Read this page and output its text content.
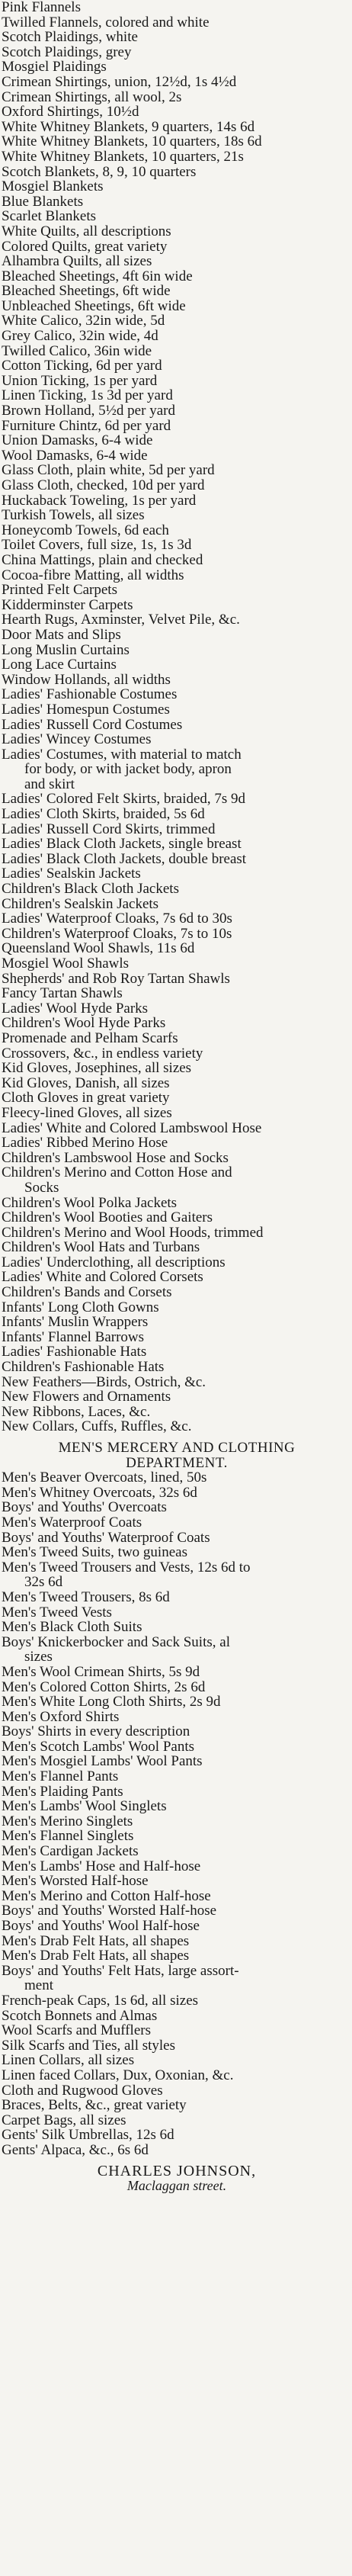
Pink Flannels
Twilled Flannels, colored and white
Scotch Plaidings, white
Scotch Plaidings, grey
Mosgiel Plaidings
Crimean Shirtings, union, 12½d, 1s 4½d
Crimean Shirtings, all wool, 2s
Oxford Shirtings, 10½d
White Whitney Blankets, 9 quarters, 14s 6d
White Whitney Blankets, 10 quarters, 18s 6d
White Whitney Blankets, 10 quarters, 21s
Scotch Blankets, 8, 9, 10 quarters
Mosgiel Blankets
Blue Blankets
Scarlet Blankets
White Quilts, all descriptions
Colored Quilts, great variety
Alhambra Quilts, all sizes
Bleached Sheetings, 4ft 6in wide
Bleached Sheetings, 6ft wide
Unbleached Sheetings, 6ft wide
White Calico, 32in wide, 5d
Grey Calico, 32in wide, 4d
Twilled Calico, 36in wide
Cotton Ticking, 6d per yard
Union Ticking, 1s per yard
Linen Ticking, 1s 3d per yard
Brown Holland, 5½d per yard
Furniture Chintz, 6d per yard
Union Damasks, 6-4 wide
Wool Damasks, 6-4 wide
Glass Cloth, plain white, 5d per yard
Glass Cloth, checked, 10d per yard
Huckaback Toweling, 1s per yard
Turkish Towels, all sizes
Honeycomb Towels, 6d each
Toilet Covers, full size, 1s, 1s 3d
China Mattings, plain and checked
Cocoa-fibre Matting, all widths
Printed Felt Carpets
Kidderminster Carpets
Hearth Rugs, Axminster, Velvet Pile, &c.
Door Mats and Slips
Long Muslin Curtains
Long Lace Curtains
Window Hollands, all widths
Ladies' Fashionable Costumes
Ladies' Homespun Costumes
Ladies' Russell Cord Costumes
Ladies' Wincey Costumes
Ladies' Costumes, with material to match
for body, or with jacket body, apron
and skirt
Ladies' Colored Felt Skirts, braided, 7s 9d
Ladies' Cloth Skirts, braided, 5s 6d
Ladies' Russell Cord Skirts, trimmed
Ladies' Black Cloth Jackets, single breast
Ladies' Black Cloth Jackets, double breast
Ladies' Sealskin Jackets
Children's Black Cloth Jackets
Children's Sealskin Jackets
Ladies' Waterproof Cloaks, 7s 6d to 30s
Children's Waterproof Cloaks, 7s to 10s
Queensland Wool Shawls, 11s 6d
Mosgiel Wool Shawls
Shepherds' and Rob Roy Tartan Shawls
Fancy Tartan Shawls
Ladies' Wool Hyde Parks
Children's Wool Hyde Parks
Promenade and Pelham Scarfs
Crossovers, &c., in endless variety
Kid Gloves, Josephines, all sizes
Kid Gloves, Danish, all sizes
Cloth Gloves in great variety
Fleecy-lined Gloves, all sizes
Ladies' White and Colored Lambswool Hose
Ladies' Ribbed Merino Hose
Children's Lambswool Hose and Socks
Children's Merino and Cotton Hose and
Socks
Children's Wool Polka Jackets
Children's Wool Booties and Gaiters
Children's Merino and Wool Hoods, trimmed
Children's Wool Hats and Turbans
Ladies' Underclothing, all descriptions
Ladies' White and Colored Corsets
Children's Bands and Corsets
Infants' Long Cloth Gowns
Infants' Muslin Wrappers
Infants' Flannel Barrows
Ladies' Fashionable Hats
Children's Fashionable Hats
New Feathers—Birds, Ostrich, &c.
New Flowers and Ornaments
New Ribbons, Laces, &c.
New Collars, Cuffs, Ruffles, &c.
MEN'S MERCERY AND CLOTHING
DEPARTMENT.
Men's Beaver Overcoats, lined, 50s
Men's Whitney Overcoats, 32s 6d
Boys' and Youths' Overcoats
Men's Waterproof Coats
Boys' and Youths' Waterproof Coats
Men's Tweed Suits, two guineas
Men's Tweed Trousers and Vests, 12s 6d to
32s 6d
Men's Tweed Trousers, 8s 6d
Men's Tweed Vests
Men's Black Cloth Suits
Boys' Knickerbocker and Sack Suits, al
sizes
Men's Wool Crimean Shirts, 5s 9d
Men's Colored Cotton Shirts, 2s 6d
Men's White Long Cloth Shirts, 2s 9d
Men's Oxford Shirts
Boys' Shirts in every description
Men's Scotch Lambs' Wool Pants
Men's Mosgiel Lambs' Wool Pants
Men's Flannel Pants
Men's Plaiding Pants
Men's Lambs' Wool Singlets
Men's Merino Singlets
Men's Flannel Singlets
Men's Cardigan Jackets
Men's Lambs' Hose and Half-hose
Men's Worsted Half-hose
Men's Merino and Cotton Half-hose
Boys' and Youths' Worsted Half-hose
Boys' and Youths' Wool Half-hose
Men's Drab Felt Hats, all shapes
Men's Drab Felt Hats, all shapes
Boys' and Youths' Felt Hats, large assort-
ment
French-peak Caps, 1s 6d, all sizes
Scotch Bonnets and Almas
Wool Scarfs and Mufflers
Silk Scarfs and Ties, all styles
Linen Collars, all sizes
Linen faced Collars, Dux, Oxonian, &c.
Cloth and Rugwood Gloves
Braces, Belts, &c., great variety
Carpet Bags, all sizes
Gents' Silk Umbrellas, 12s 6d
Gents' Alpaca, &c., 6s 6d
CHARLES JOHNSON,
Maclaggan street.
